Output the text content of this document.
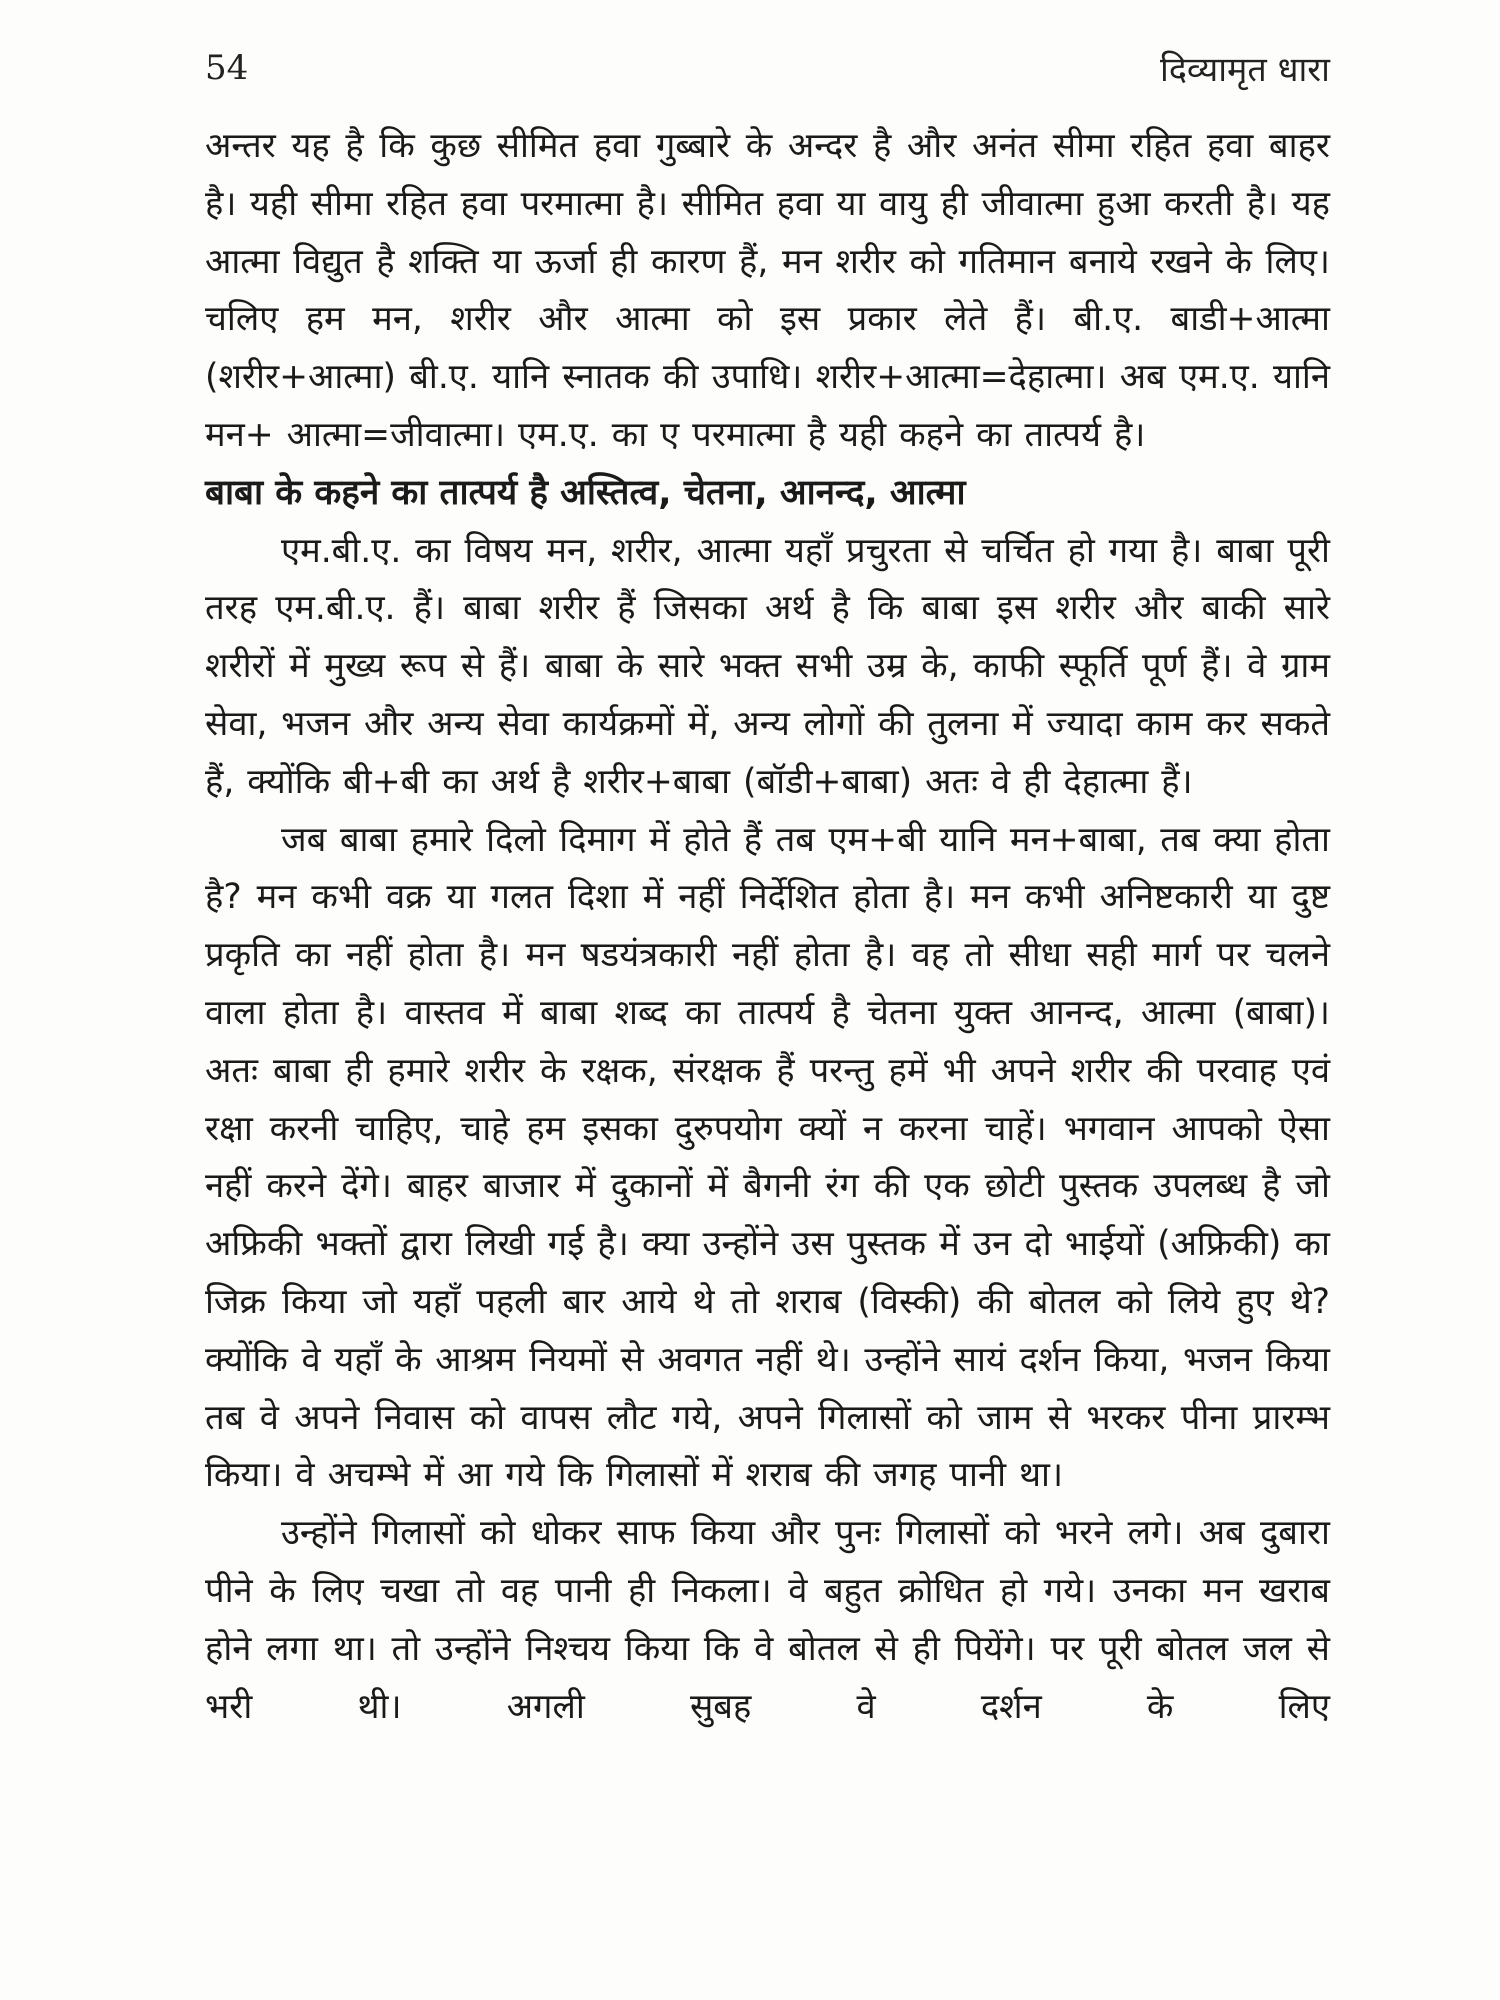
54	दिव्यामृत धारा

अन्तर यह है कि कुछ सीमित हवा गुब्बारे के अन्दर है और अनंत सीमा रहित हवा बाहर है। यही सीमा रहित हवा परमात्मा है। सीमित हवा या वायु ही जीवात्मा हुआ करती है। यह आत्मा विद्युत है शक्ति या ऊर्जा ही कारण हैं, मन शरीर को गतिमान बनाये रखने के लिए। चलिए हम मन, शरीर और आत्मा को इस प्रकार लेते हैं। बी.ए. बाडी+आत्मा (शरीर+आत्मा) बी.ए. यानि स्नातक की उपाधि। शरीर+आत्मा=देहात्मा। अब एम.ए. यानि मन+ आत्मा=जीवात्मा। एम.ए. का ए परमात्मा है यही कहने का तात्पर्य है।

बाबा के कहने का तात्पर्य है अस्तित्व, चेतना, आनन्द, आत्मा

एम.बी.ए. का विषय मन, शरीर, आत्मा यहाँ प्रचुरता से चर्चित हो गया है। बाबा पूरी तरह एम.बी.ए. हैं। बाबा शरीर हैं जिसका अर्थ है कि बाबा इस शरीर और बाकी सारे शरीरों में मुख्य रूप से हैं। बाबा के सारे भक्त सभी उम्र के, काफी स्फूर्ति पूर्ण हैं। वे ग्राम सेवा, भजन और अन्य सेवा कार्यक्रमों में, अन्य लोगों की तुलना में ज्यादा काम कर सकते हैं, क्योंकि बी+बी का अर्थ है शरीर+बाबा (बॉडी+बाबा) अतः वे ही देहात्मा हैं।

जब बाबा हमारे दिलो दिमाग में होते हैं तब एम+बी यानि मन+बाबा, तब क्या होता है? मन कभी वक्र या गलत दिशा में नहीं निर्देशित होता है। मन कभी अनिष्टकारी या दुष्ट प्रकृति का नहीं होता है। मन षडयंत्रकारी नहीं होता है। वह तो सीधा सही मार्ग पर चलने वाला होता है। वास्तव में बाबा शब्द का तात्पर्य है चेतना युक्त आनन्द, आत्मा (बाबा)। अतः बाबा ही हमारे शरीर के रक्षक, संरक्षक हैं परन्तु हमें भी अपने शरीर की परवाह एवं रक्षा करनी चाहिए, चाहे हम इसका दुरुपयोग क्यों न करना चाहें। भगवान आपको ऐसा नहीं करने देंगे। बाहर बाजार में दुकानों में बैगनी रंग की एक छोटी पुस्तक उपलब्ध है जो अफ्रिकी भक्तों द्वारा लिखी गई है। क्या उन्होंने उस पुस्तक में उन दो भाईयों (अफ्रिकी) का जिक्र किया जो यहाँ पहली बार आये थे तो शराब (विस्की) की बोतल को लिये हुए थे? क्योंकि वे यहाँ के आश्रम नियमों से अवगत नहीं थे। उन्होंने सायं दर्शन किया, भजन किया तब वे अपने निवास को वापस लौट गये, अपने गिलासों को जाम से भरकर पीना प्रारम्भ किया। वे अचम्भे में आ गये कि गिलासों में शराब की जगह पानी था।

उन्होंने गिलासों को धोकर साफ किया और पुनः गिलासों को भरने लगे। अब दुबारा पीने के लिए चखा तो वह पानी ही निकला। वे बहुत क्रोधित हो गये। उनका मन खराब होने लगा था। तो उन्होंने निश्चय किया कि वे बोतल से ही पियेंगे। पर पूरी बोतल जल से भरी थी। अगली सुबह वे दर्शन के लिए
